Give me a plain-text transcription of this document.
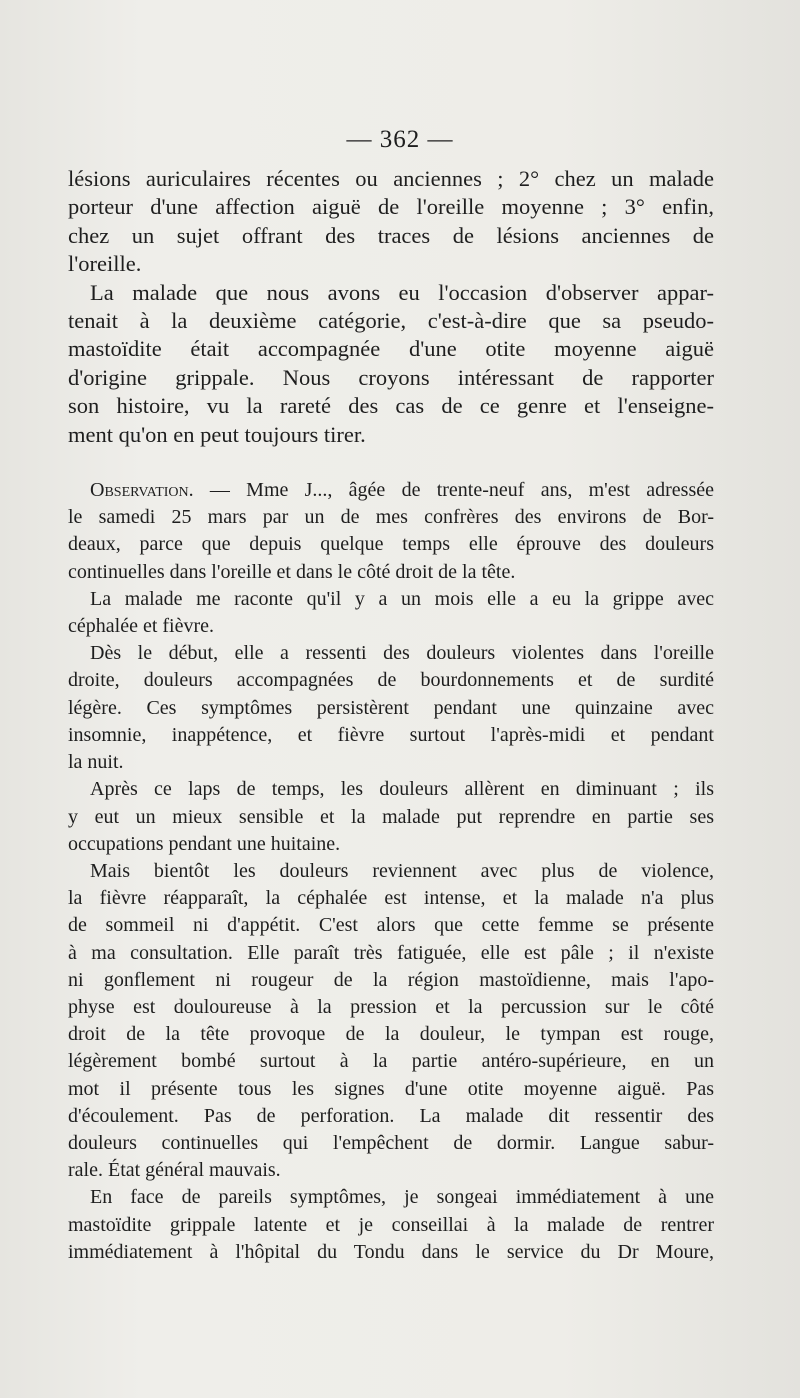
— 362 —
lésions auriculaires récentes ou anciennes ; 2° chez un malade
porteur d'une affection aiguë de l'oreille moyenne ; 3° enfin,
chez un sujet offrant des traces de lésions anciennes de
l'oreille.
La malade que nous avons eu l'occasion d'observer appar-
tenait à la deuxième catégorie, c'est-à-dire que sa pseudo-
mastoïdite était accompagnée d'une otite moyenne aiguë
d'origine grippale. Nous croyons intéressant de rapporter
son histoire, vu la rareté des cas de ce genre et l'enseigne-
ment qu'on en peut toujours tirer.
Observation. — Mme J..., âgée de trente-neuf ans, m'est adressée
le samedi 25 mars par un de mes confrères des environs de Bor-
deaux, parce que depuis quelque temps elle éprouve des douleurs
continuelles dans l'oreille et dans le côté droit de la tête.
La malade me raconte qu'il y a un mois elle a eu la grippe avec
céphalée et fièvre.
Dès le début, elle a ressenti des douleurs violentes dans l'oreille
droite, douleurs accompagnées de bourdonnements et de surdité
légère. Ces symptômes persistèrent pendant une quinzaine avec
insomnie, inappétence, et fièvre surtout l'après-midi et pendant
la nuit.
Après ce laps de temps, les douleurs allèrent en diminuant ; ils
y eut un mieux sensible et la malade put reprendre en partie ses
occupations pendant une huitaine.
Mais bientôt les douleurs reviennent avec plus de violence,
la fièvre réapparaît, la céphalée est intense, et la malade n'a plus
de sommeil ni d'appétit. C'est alors que cette femme se présente
à ma consultation. Elle paraît très fatiguée, elle est pâle ; il n'existe
ni gonflement ni rougeur de la région mastoïdienne, mais l'apo-
physe est douloureuse à la pression et la percussion sur le côté
droit de la tête provoque de la douleur, le tympan est rouge,
légèrement bombé surtout à la partie antéro-supérieure, en un
mot il présente tous les signes d'une otite moyenne aiguë. Pas
d'écoulement. Pas de perforation. La malade dit ressentir des
douleurs continuelles qui l'empêchent de dormir. Langue sabur-
rale. État général mauvais.
En face de pareils symptômes, je songeai immédiatement à une
mastoïdite grippale latente et je conseillai à la malade de rentrer
immédiatement à l'hôpital du Tondu dans le service du Dr Moure,
